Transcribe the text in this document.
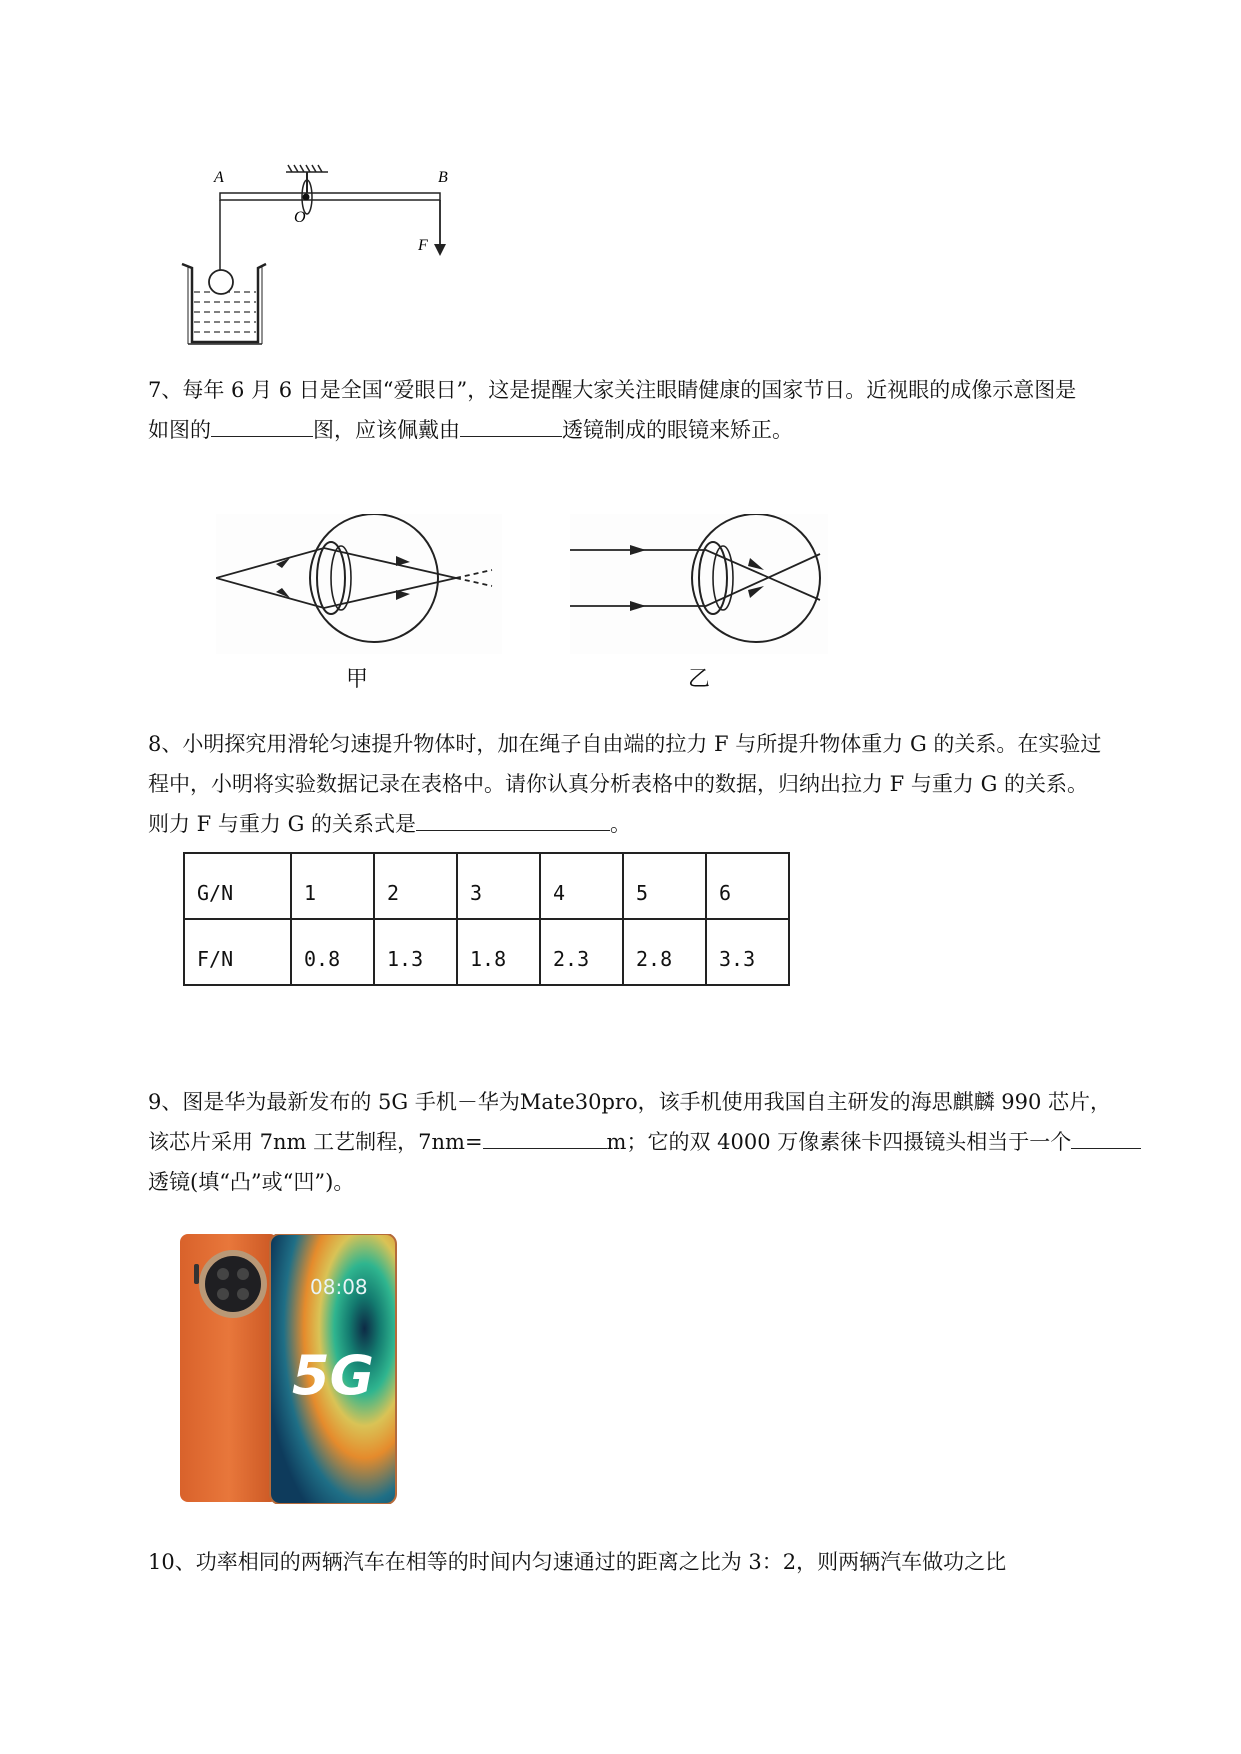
A	B
O
F
7、每年 6 月 6 日是全国“爱眼日”，这是提醒大家关注眼睛健康的国家节日。近视眼的成像示意图是
如图的	图，应该佩戴由	透镜制成的眼镜来矫正。
甲	乙
8、小明探究用滑轮匀速提升物体时，加在绳子自由端的拉力 F 与所提升物体重力 G 的关系。在实验过
程中，小明将实验数据记录在表格中。请你认真分析表格中的数据，归纳出拉力 F 与重力 G 的关系。
则力 F 与重力 G 的关系式是	。
G/N	1	2	3	4	5	6
F/N	0.8	1.3	1.8	2.3	2.8	3.3
9、图是华为最新发布的 5G 手机－华为Mate30pro，该手机使用我国自主研发的海思麒麟 990 芯片，
该芯片采用 7nm 工艺制程，7nm=	m；它的双 4000 万像素徕卡四摄镜头相当于一个
透镜(填“凸”或“凹”)。
08:08
5G
10、功率相同的两辆汽车在相等的时间内匀速通过的距离之比为 3：2，则两辆汽车做功之比
